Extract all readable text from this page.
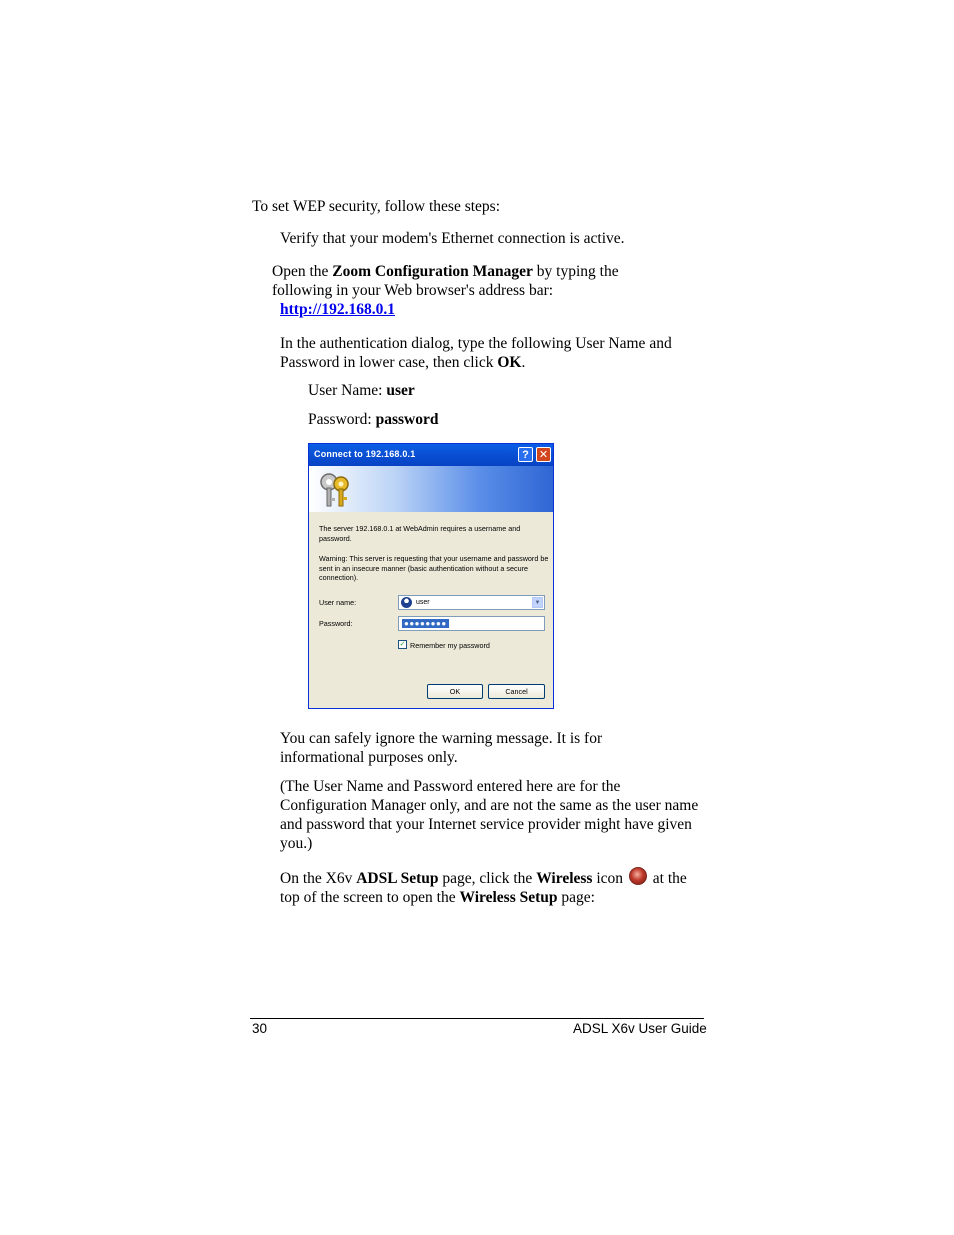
To set WEP security, follow these steps:

Verify that your modem's Ethernet connection is active.

Open the Zoom Configuration Manager by typing the following in your Web browser's address bar:

http://192.168.0.1

In the authentication dialog, type the following User Name and Password in lower case, then click OK.

User Name: user

Password: password

Connect to 192.168.0.1	? ✕
The server 192.168.0.1 at WebAdmin requires a username and password.
Warning: This server is requesting that your username and password be sent in an insecure manner (basic authentication without a secure connection).
User name:	user	▼
Password:	●●●●●●●●
✓ Remember my password
OK	Cancel

You can safely ignore the warning message. It is for informational purposes only.

(The User Name and Password entered here are for the Configuration Manager only, and are not the same as the user name and password that your Internet service provider might have given you.)

On the X6v ADSL Setup page, click the Wireless icon  at the top of the screen to open the Wireless Setup page:

30	ADSL X6v User Guide
